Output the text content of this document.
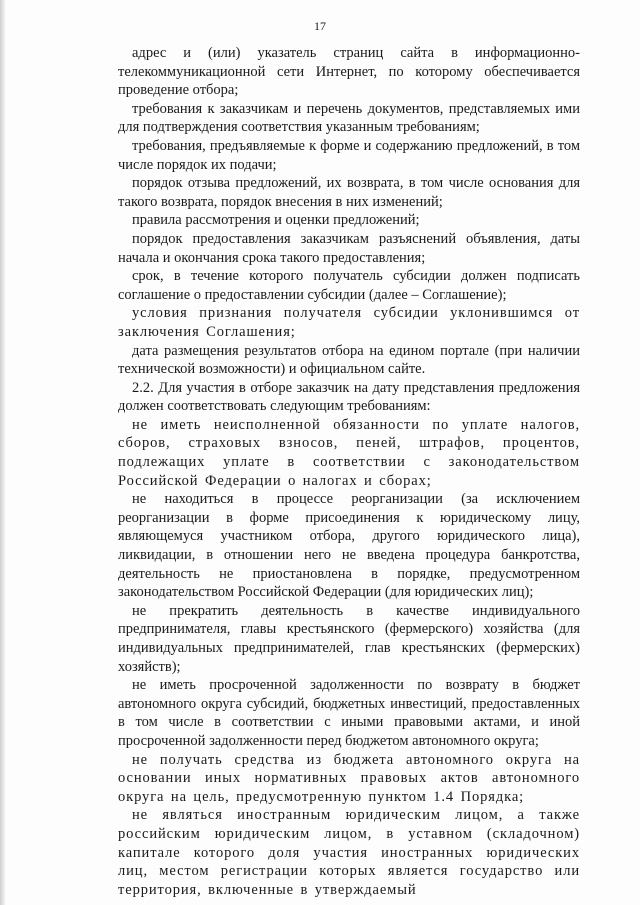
17

адрес и (или) указатель страниц сайта в информационно-телекоммуникационной сети Интернет, по которому обеспечивается проведение отбора;

требования к заказчикам и перечень документов, представляемых ими для подтверждения соответствия указанным требованиям;

требования, предъявляемые к форме и содержанию предложений, в том числе порядок их подачи;

порядок отзыва предложений, их возврата, в том числе основания для такого возврата, порядок внесения в них изменений;

правила рассмотрения и оценки предложений;

порядок предоставления заказчикам разъяснений объявления, даты начала и окончания срока такого предоставления;

срок, в течение которого получатель субсидии должен подписать соглашение о предоставлении субсидии (далее – Соглашение);

условия признания получателя субсидии уклонившимся от заключения Соглашения;

дата размещения результатов отбора на едином портале (при наличии технической возможности) и официальном сайте.

2.2. Для участия в отборе заказчик на дату представления предложения должен соответствовать следующим требованиям:

не иметь неисполненной обязанности по уплате налогов, сборов, страховых взносов, пеней, штрафов, процентов, подлежащих уплате в соответствии с законодательством Российской Федерации о налогах и сборах;

не находиться в процессе реорганизации (за исключением реорганизации в форме присоединения к юридическому лицу, являющемуся участником отбора, другого юридического лица), ликвидации, в отношении него не введена процедура банкротства, деятельность не приостановлена в порядке, предусмотренном законодательством Российской Федерации (для юридических лиц);

не прекратить деятельность в качестве индивидуального предпринимателя, главы крестьянского (фермерского) хозяйства (для индивидуальных предпринимателей, глав крестьянских (фермерских) хозяйств);

не иметь просроченной задолженности по возврату в бюджет автономного округа субсидий, бюджетных инвестиций, предоставленных в том числе в соответствии с иными правовыми актами, и иной просроченной задолженности перед бюджетом автономного округа;

не получать средства из бюджета автономного округа на основании иных нормативных правовых актов автономного округа на цель, предусмотренную пунктом 1.4 Порядка;

не являться иностранным юридическим лицом, а также российским юридическим лицом, в уставном (складочном) капитале которого доля участия иностранных юридических лиц, местом регистрации которых является государство или территория, включенные в утверждаемый
